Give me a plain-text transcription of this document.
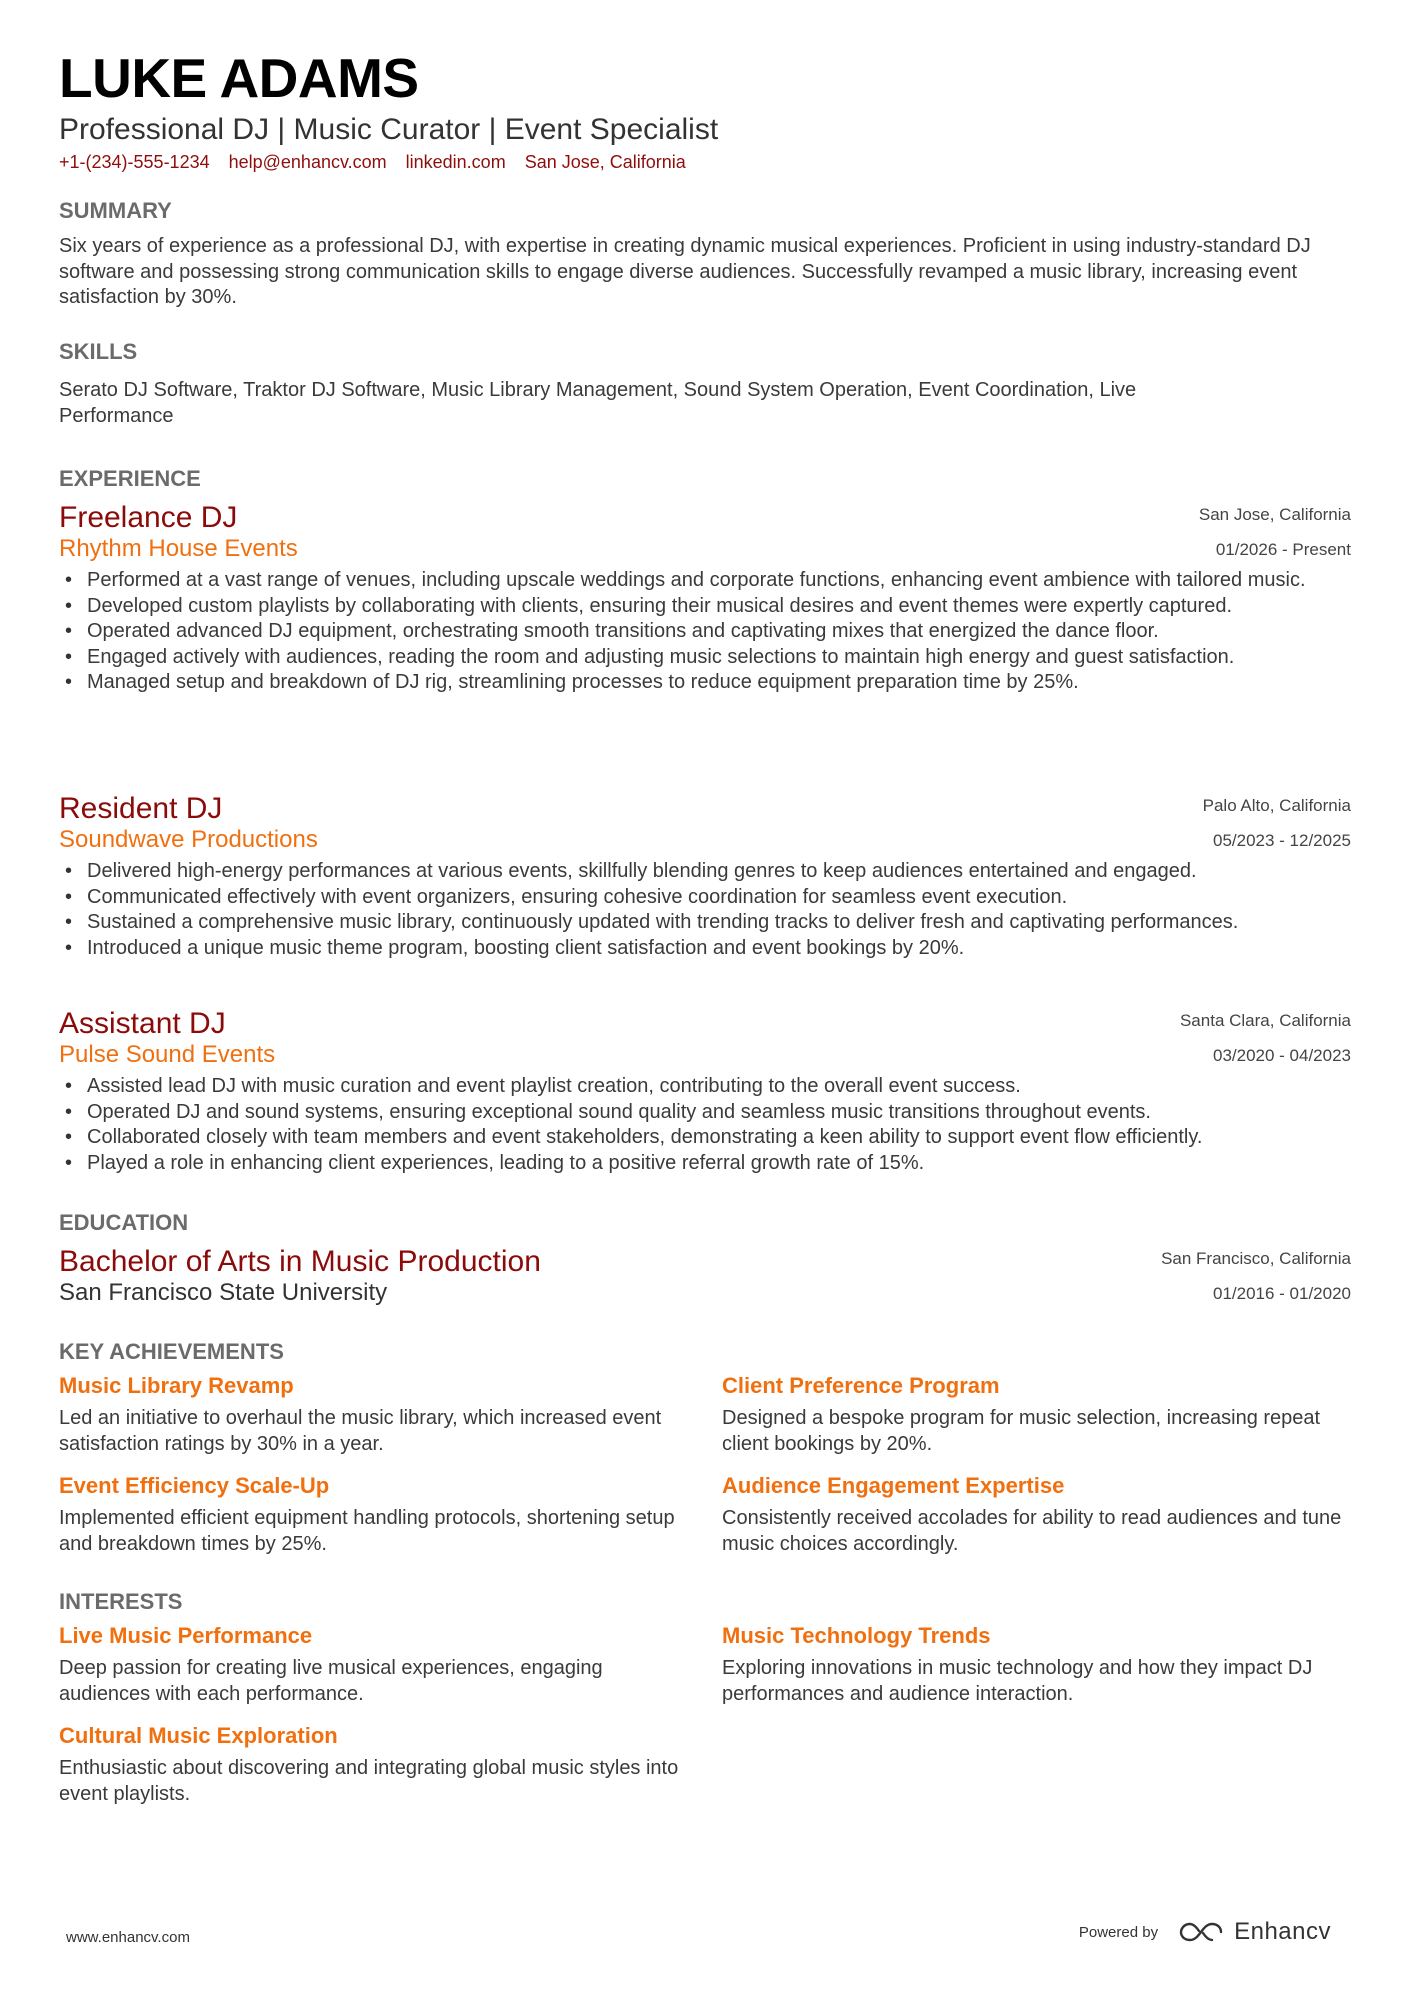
LUKE ADAMS
Professional DJ | Music Curator | Event Specialist
+1-(234)-555-1234 help@enhancv.com linkedin.com San Jose, California
SUMMARY
Six years of experience as a professional DJ, with expertise in creating dynamic musical experiences. Proficient in using industry-standard DJ software and possessing strong communication skills to engage diverse audiences. Successfully revamped a music library, increasing event satisfaction by 30%.
SKILLS
Serato DJ Software, Traktor DJ Software, Music Library Management, Sound System Operation, Event Coordination, Live Performance
EXPERIENCE
Freelance DJ
Rhythm House Events
San Jose, California
01/2026 - Present
• Performed at a vast range of venues, including upscale weddings and corporate functions, enhancing event ambience with tailored music.
• Developed custom playlists by collaborating with clients, ensuring their musical desires and event themes were expertly captured.
• Operated advanced DJ equipment, orchestrating smooth transitions and captivating mixes that energized the dance floor.
• Engaged actively with audiences, reading the room and adjusting music selections to maintain high energy and guest satisfaction.
• Managed setup and breakdown of DJ rig, streamlining processes to reduce equipment preparation time by 25%.
Resident DJ
Soundwave Productions
Palo Alto, California
05/2023 - 12/2025
• Delivered high-energy performances at various events, skillfully blending genres to keep audiences entertained and engaged.
• Communicated effectively with event organizers, ensuring cohesive coordination for seamless event execution.
• Sustained a comprehensive music library, continuously updated with trending tracks to deliver fresh and captivating performances.
• Introduced a unique music theme program, boosting client satisfaction and event bookings by 20%.
Assistant DJ
Pulse Sound Events
Santa Clara, California
03/2020 - 04/2023
• Assisted lead DJ with music curation and event playlist creation, contributing to the overall event success.
• Operated DJ and sound systems, ensuring exceptional sound quality and seamless music transitions throughout events.
• Collaborated closely with team members and event stakeholders, demonstrating a keen ability to support event flow efficiently.
• Played a role in enhancing client experiences, leading to a positive referral growth rate of 15%.
EDUCATION
Bachelor of Arts in Music Production
San Francisco State University
San Francisco, California
01/2016 - 01/2020
KEY ACHIEVEMENTS
Music Library Revamp
Led an initiative to overhaul the music library, which increased event satisfaction ratings by 30% in a year.
Client Preference Program
Designed a bespoke program for music selection, increasing repeat client bookings by 20%.
Event Efficiency Scale-Up
Implemented efficient equipment handling protocols, shortening setup and breakdown times by 25%.
Audience Engagement Expertise
Consistently received accolades for ability to read audiences and tune music choices accordingly.
INTERESTS
Live Music Performance
Deep passion for creating live musical experiences, engaging audiences with each performance.
Music Technology Trends
Exploring innovations in music technology and how they impact DJ performances and audience interaction.
Cultural Music Exploration
Enthusiastic about discovering and integrating global music styles into event playlists.
www.enhancv.com	Powered by	Enhancv
